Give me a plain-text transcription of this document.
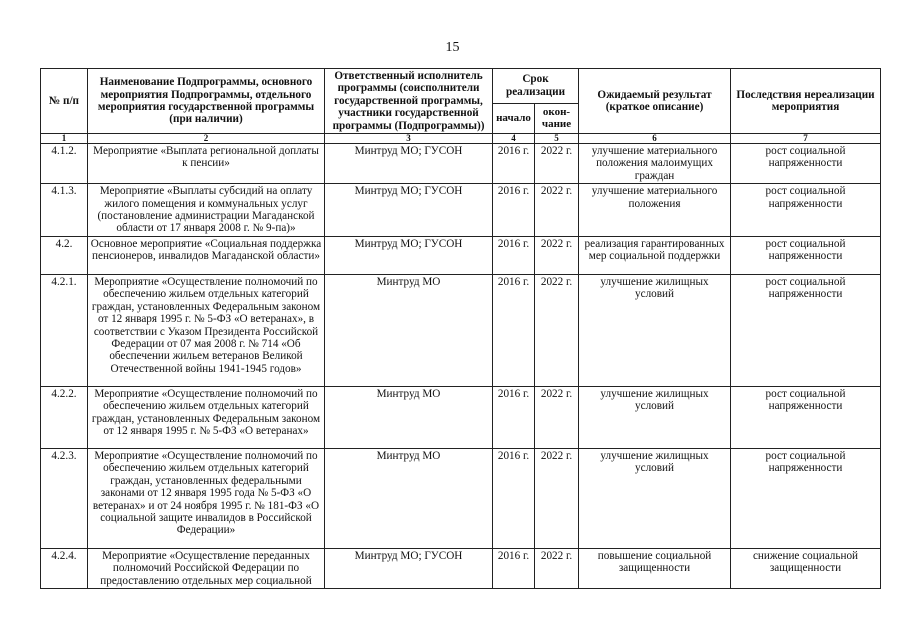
15
№ п/п	Наименование Подпрограммы, основного мероприятия Подпрограммы, отдельного мероприятия государственной программы (при наличии)	Ответственный исполнитель программы (соисполнители государственной программы, участники государственной программы (Подпрограммы))	Срок реализации		Ожидаемый результат (краткое описание)	Последствия нереализации мероприятия
			начало	окон-чание		
1	2	3	4	5	6	7
4.1.2.	Мероприятие «Выплата региональной доплаты к пенсии»	Минтруд МО; ГУСОН	2016 г.	2022 г.	улучшение материального положения малоимущих граждан	рост социальной напряженности
4.1.3.	Мероприятие «Выплаты субсидий на оплату жилого помещения и коммунальных услуг (постановление администрации Магаданской области от 17 января 2008 г. № 9-па)»	Минтруд МО; ГУСОН	2016 г.	2022 г.	улучшение материального положения	рост социальной напряженности
4.2.	Основное мероприятие «Социальная поддержка пенсионеров, инвалидов Магаданской области»	Минтруд МО; ГУСОН	2016 г.	2022 г.	реализация гарантированных мер социальной поддержки	рост социальной напряженности
4.2.1.	Мероприятие «Осуществление полномочий по обеспечению жильем отдельных категорий граждан, установленных Федеральным законом от 12 января 1995 г. № 5-ФЗ «О ветеранах», в соответствии с Указом Президента Российской Федерации от 07 мая 2008 г. № 714 «Об обеспечении жильем ветеранов Великой Отечественной войны 1941-1945 годов»	Минтруд МО	2016 г.	2022 г.	улучшение жилищных условий	рост социальной напряженности
4.2.2.	Мероприятие «Осуществление полномочий по обеспечению жильем отдельных категорий граждан, установленных Федеральным законом от 12 января 1995 г. № 5-ФЗ «О ветеранах»	Минтруд МО	2016 г.	2022 г.	улучшение жилищных условий	рост социальной напряженности
4.2.3.	Мероприятие «Осуществление полномочий по обеспечению жильем отдельных категорий граждан, установленных федеральными законами от 12 января 1995 года № 5-ФЗ «О ветеранах» и от 24 ноября 1995 г. № 181-ФЗ «О социальной защите инвалидов в Российской Федерации»	Минтруд МО	2016 г.	2022 г.	улучшение жилищных условий	рост социальной напряженности
4.2.4.	Мероприятие «Осуществление переданных полномочий Российской Федерации по предоставлению отдельных мер социальной	Минтруд МО; ГУСОН	2016 г.	2022 г.	повышение социальной защищенности	снижение социальной защищенности
